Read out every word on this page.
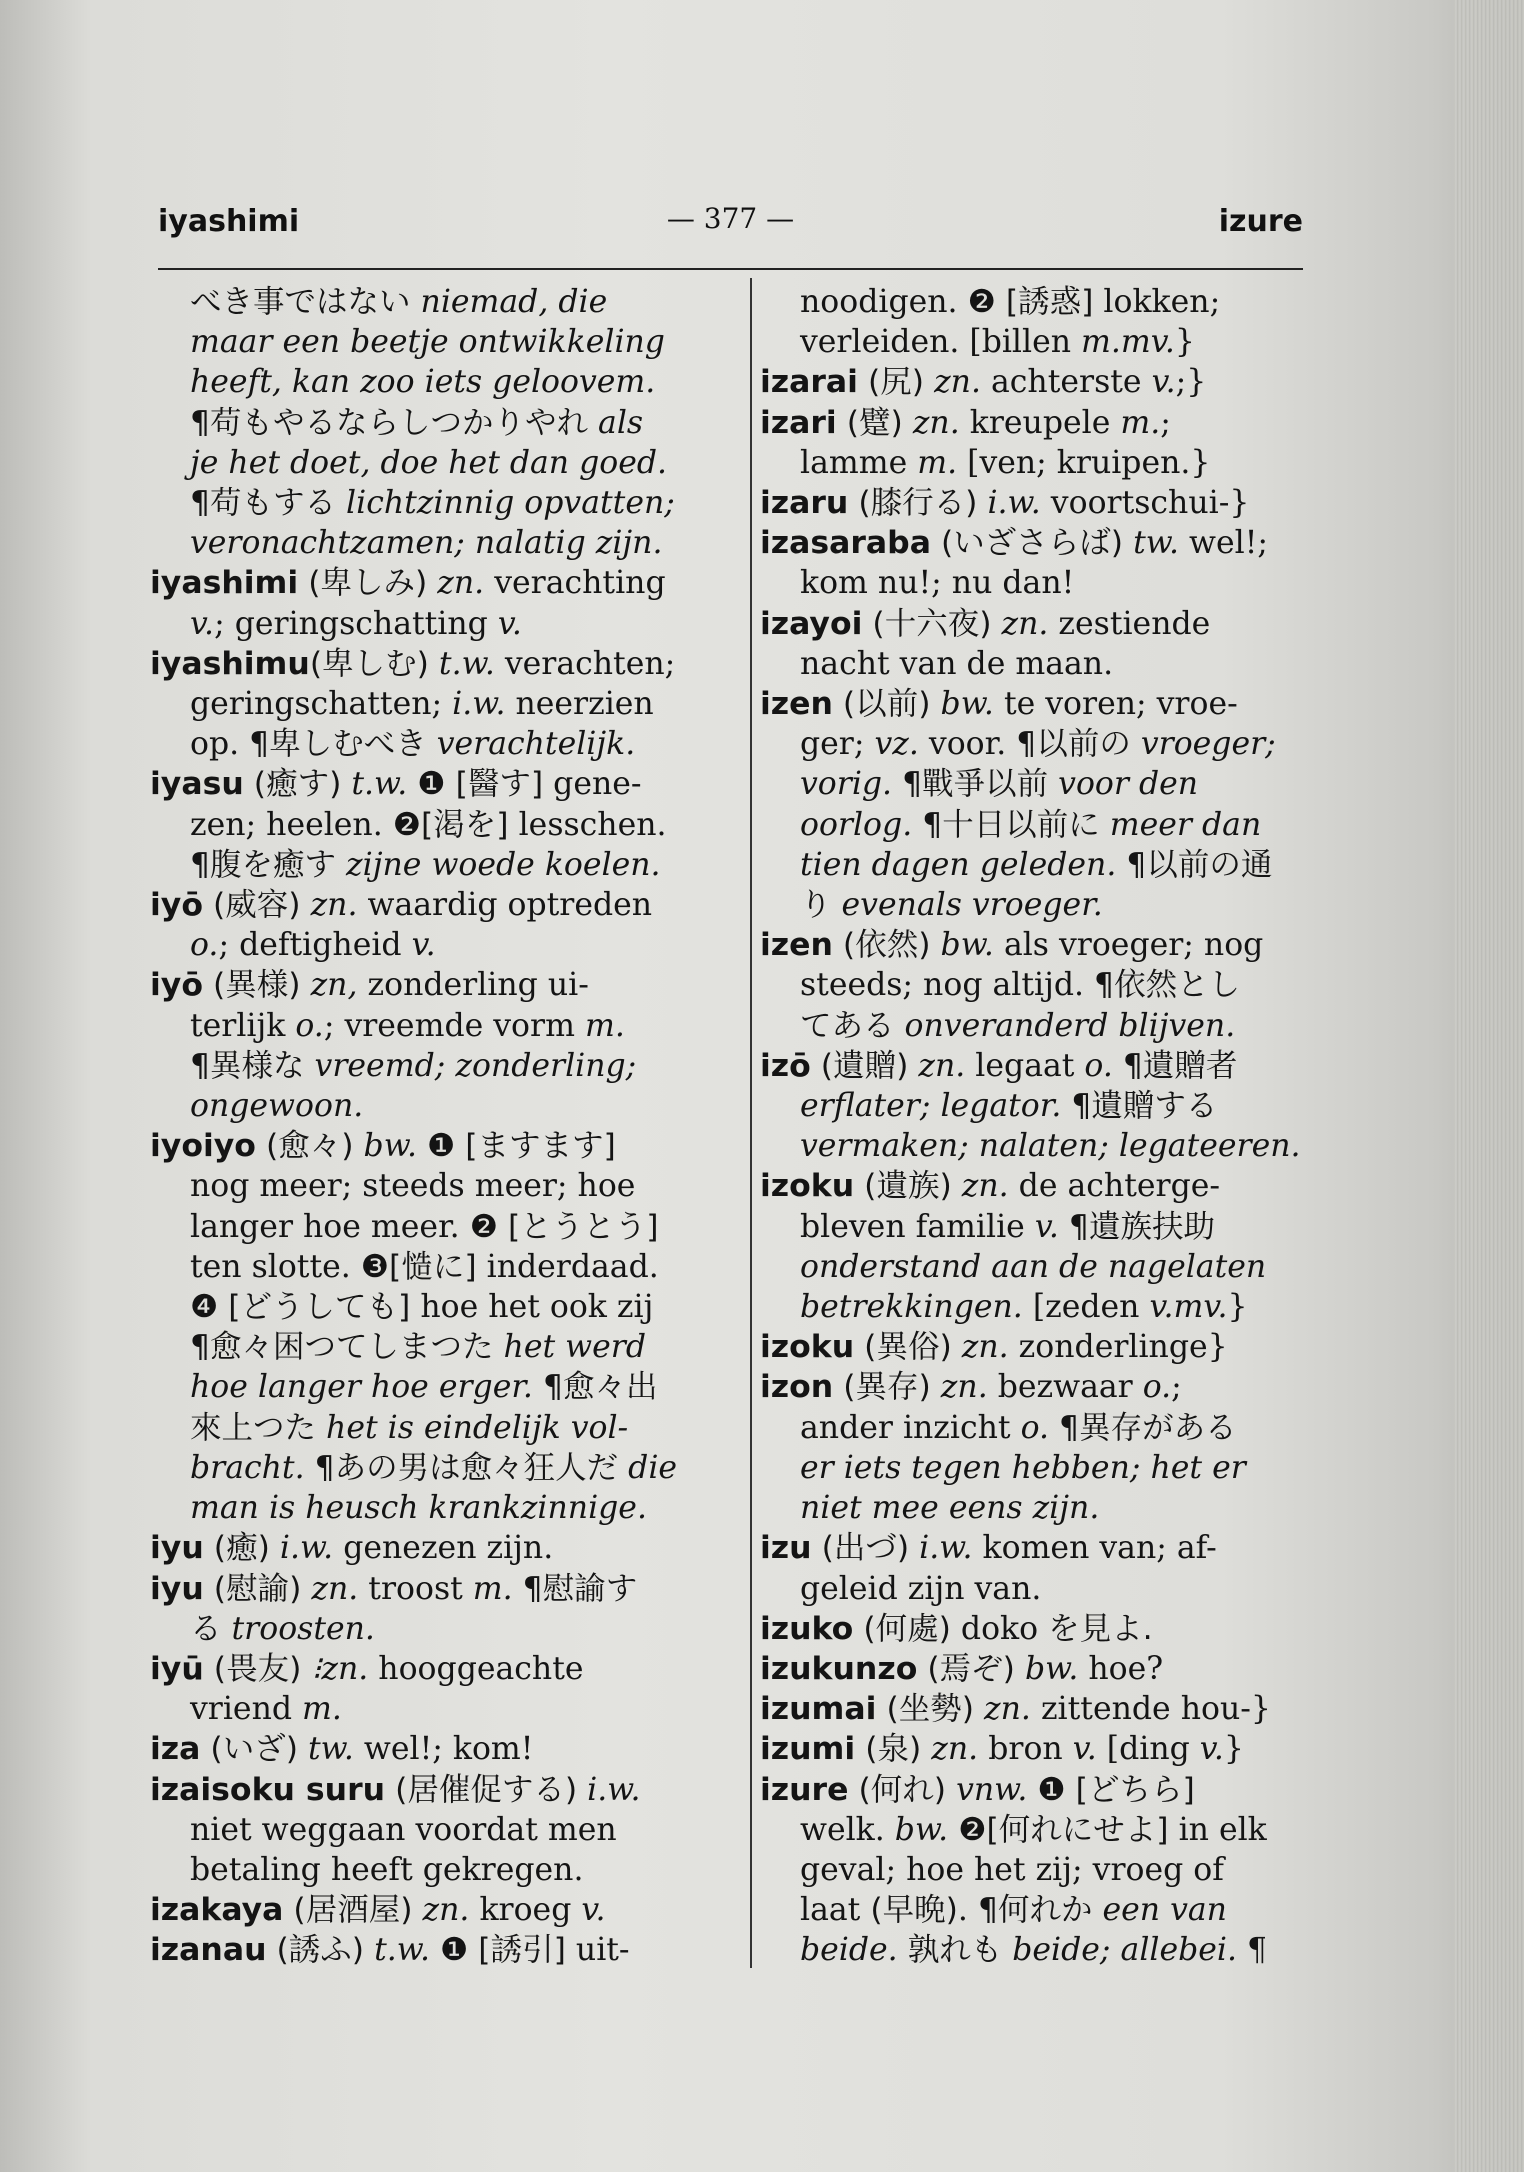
iyashimi	— 377 —	izure
べき事ではない niemad, die
maar een beetje ontwikkeling
heeft, kan zoo iets geloovem.
¶苟もやるならしつかりやれ als
je het doet, doe het dan goed.
¶苟もする lichtzinnig opvatten;
veronachtzamen; nalatig zijn.
iyashimi (卑しみ) zn. verachting
v.; geringschatting v.
iyashimu(卑しむ) t.w. verachten;
geringschatten; i.w. neerzien
op. ¶卑しむべき verachtelijk.
iyasu (癒す) t.w. ❶ [醫す] gene-
zen; heelen. ❷[渇を] lesschen.
¶腹を癒す zijne woede koelen.
iyō (威容) zn. waardig optreden
o.; deftigheid v.
iyō (異様) zn, zonderling ui-
terlijk o.; vreemde vorm m.
¶異様な vreemd; zonderling;
ongewoon.
iyoiyo (愈々) bw. ❶ [ますます]
nog meer; steeds meer; hoe
langer hoe meer. ❷ [とうとう]
ten slotte. ❸[慥に] inderdaad.
❹ [どうしても] hoe het ook zij
¶愈々困つてしまつた het werd
hoe langer hoe erger. ¶愈々出
來上つた het is eindelijk vol-
bracht. ¶あの男は愈々狂人だ die
man is heusch krankzinnige.
iyu (癒) i.w. genezen zijn.
iyu (慰諭) zn. troost m. ¶慰諭す
る troosten.
iyū (畏友) ⁝zn. hooggeachte
vriend m.
iza (いざ) tw. wel!; kom!
izaisoku suru (居催促する) i.w.
niet weggaan voordat men
betaling heeft gekregen.
izakaya (居酒屋) zn. kroeg v.
izanau (誘ふ) t.w. ❶ [誘引] uit-
noodigen. ❷ [誘惑] lokken;
verleiden. [billen m.mv.}
izarai (尻) zn. achterste v.;}
izari (躄) zn. kreupele m.;
lamme m. [ven; kruipen.}
izaru (膝行る) i.w. voortschui-}
izasaraba (いざさらば) tw. wel!;
kom nu!; nu dan!
izayoi (十六夜) zn. zestiende
nacht van de maan.
izen (以前) bw. te voren; vroe-
ger; vz. voor. ¶以前の vroeger;
vorig. ¶戰爭以前 voor den
oorlog. ¶十日以前に meer dan
tien dagen geleden. ¶以前の通
り evenals vroeger.
izen (依然) bw. als vroeger; nog
steeds; nog altijd. ¶依然とし
てある onveranderd blijven.
izō (遺贈) zn. legaat o. ¶遺贈者
erflater; legator. ¶遺贈する
vermaken; nalaten; legateeren.
izoku (遺族) zn. de achterge-
bleven familie v. ¶遺族扶助
onderstand aan de nagelaten
betrekkingen. [zeden v.mv.}
izoku (異俗) zn. zonderlinge}
izon (異存) zn. bezwaar o.;
ander inzicht o. ¶異存がある
er iets tegen hebben; het er
niet mee eens zijn.
izu (出づ) i.w. komen van; af-
geleid zijn van.
izuko (何處) doko を見よ.
izukunzo (焉ぞ) bw. hoe?
izumai (坐勢) zn. zittende hou-}
izumi (泉) zn. bron v. [ding v.}
izure (何れ) vnw. ❶ [どちら]
welk. bw. ❷[何れにせよ] in elk
geval; hoe het zij; vroeg of
laat (早晩). ¶何れか een van
beide. 孰れも beide; allebei. ¶
